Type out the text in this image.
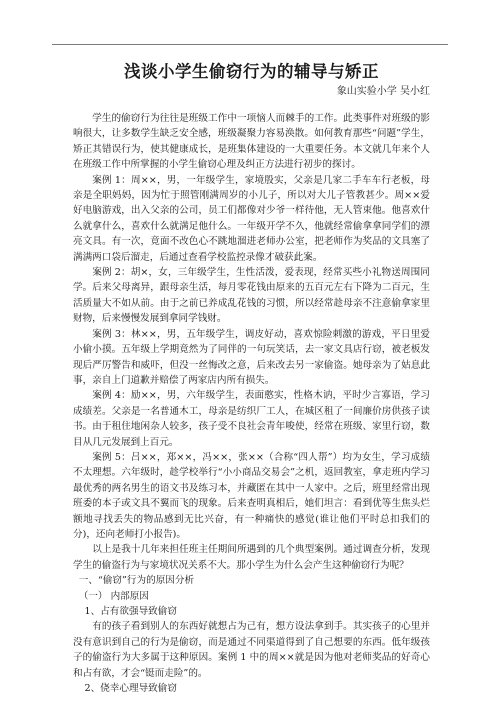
浅谈小学生偷窃行为的辅导与矫正
象山实验小学 吴小红

学生的偷窃行为往往是班级工作中一项恼人而棘手的工作。此类事件对班级的影响很大，让多数学生缺乏安全感，班级凝聚力容易涣散。如何教育那些“问题”学生，矫正其错误行为，使其健康成长，是班集体建设的一大重要任务。本文就几年来个人在班级工作中所掌握的小学生偷窃心理及纠正方法进行初步的探讨。

案例 1：周××，男，一年级学生，家境殷实，父亲是几家二手车车行老板，母亲是全职妈妈，因为忙于照管刚满周岁的小儿子，所以对大儿子管教甚少。周××爱好电脑游戏，出入父亲的公司，员工们都像对少爷一样待他，无人管束他。他喜欢什么就拿什么，喜欢什么就满足他什么。一年级开学不久，他就经常偷拿拿同学们的漂亮文具。有一次，竟面不改色心不跳地溜进老师办公室，把老师作为奖品的文具塞了满满两口袋后溜走，后通过查看学校监控录像才破获此案。

案例 2：胡×，女，三年级学生，生性活泼，爱表现，经常买些小礼物送周围同学。后来父母离异，跟母亲生活，每月零花钱由原来的五百元左右下降为二百元，生活质量大不如从前。由于之前已养成乱花钱的习惯，所以经常趁母亲不注意偷拿家里财物，后来慢慢发展到拿同学钱财。

案例 3：林××，男，五年级学生，调皮好动，喜欢惊险刺激的游戏，平日里爱小偷小摸。五年级上学期竟然为了同伴的一句玩笑话，去一家文具店行窃，被老板发现后严厉警告和威吓，但没一丝悔改之意，后来改去另一家偷盗。她母亲为了姑息此事，亲自上门道歉并赔偿了两家店内所有损失。

案例 4：励××，男，六年级学生，表面憨实，性格木讷，平时少言寡语，学习成绩差。父亲是一名普通木工，母亲是纺织厂工人，在城区租了一间廉价房供孩子读书。由于租住地闲杂人较多，孩子受不良社会青年唆使，经常在班级、家里行窃，数目从几元发展到上百元。

案例 5：吕××，郑××，冯××，张××（合称“四人帮”）均为女生，学习成绩不太理想。六年级时，趁学校举行“小小商品交易会”之机，返回教室，拿走班内学习最优秀的两名男生的语文书及练习本，并藏匿在其中一人家中。之后，班里经常出现班委的本子或文具不翼而飞的现象。后来查明真相后，她们坦言：看到优等生焦头烂额地寻找丢失的物品感到无比兴奋，有一种痛快的感觉(谁让他们平时总扣我们的分)，还向老师打小报告)。

以上是我十几年来担任班主任期间所遇到的几个典型案例。通过调查分析，发现学生的偷盗行为与家境状况关系不大。那小学生为什么会产生这种偷窃行为呢？

一、“偷窃”行为的原因分析

（一） 内部原因

1、占有欲强导致偷窃

有的孩子看到别人的东西好就想占为己有，想方设法拿到手。其实孩子的心里并没有意识到自己的行为是偷窃，而是通过不同渠道得到了自己想要的东西。低年级孩子的偷盗行为大多属于这种原因。案例 1 中的周××就是因为他对老师奖品的好奇心和占有欲，才会“铤而走险”的。

2、侥幸心理导致偷窃
